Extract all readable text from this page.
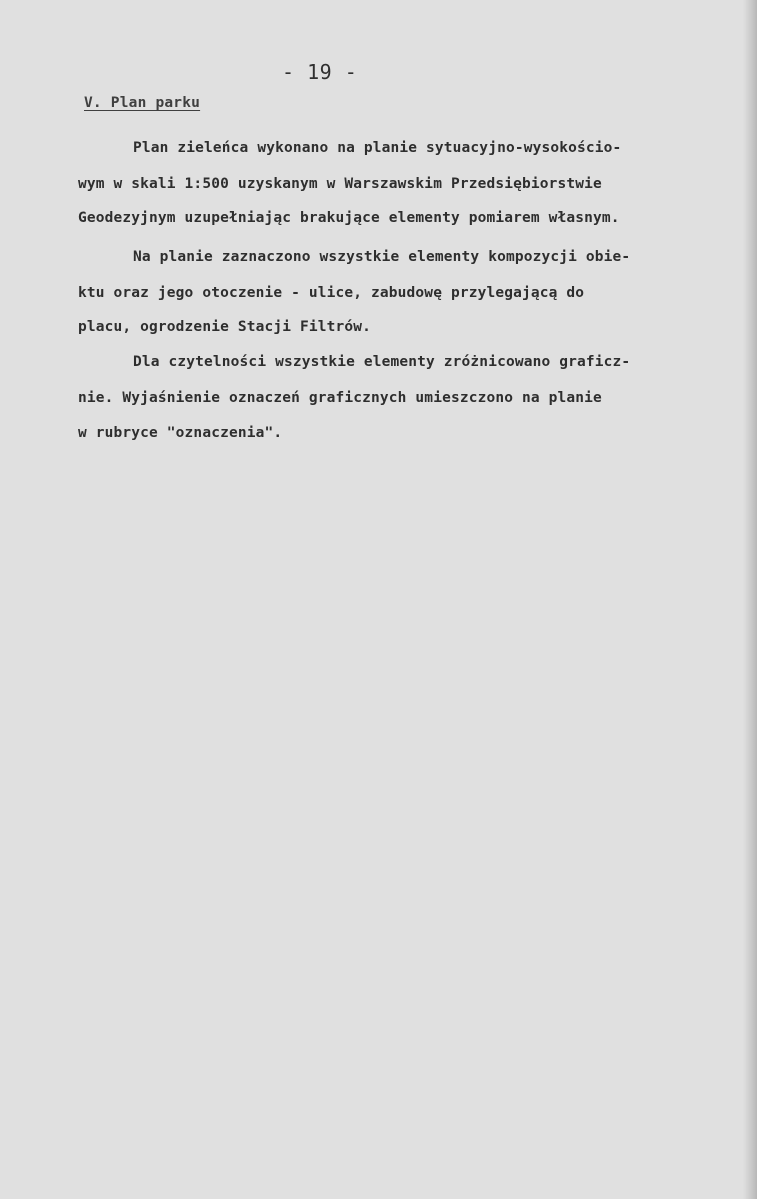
- 19 -
V. Plan parku
Plan zieleńca wykonano na planie sytuacyjno-wysokościo-
wym w skali 1:500 uzyskanym w Warszawskim Przedsiębiorstwie
Geodezyjnym uzupełniając brakujące elementy pomiarem własnym.
Na planie zaznaczono wszystkie elementy kompozycji obie-
ktu oraz jego otoczenie - ulice, zabudowę przylegającą do
placu, ogrodzenie Stacji Filtrów.
Dla czytelności wszystkie elementy zróżnicowano graficz-
nie. Wyjaśnienie oznaczeń graficznych umieszczono na planie
w rubryce "oznaczenia".
